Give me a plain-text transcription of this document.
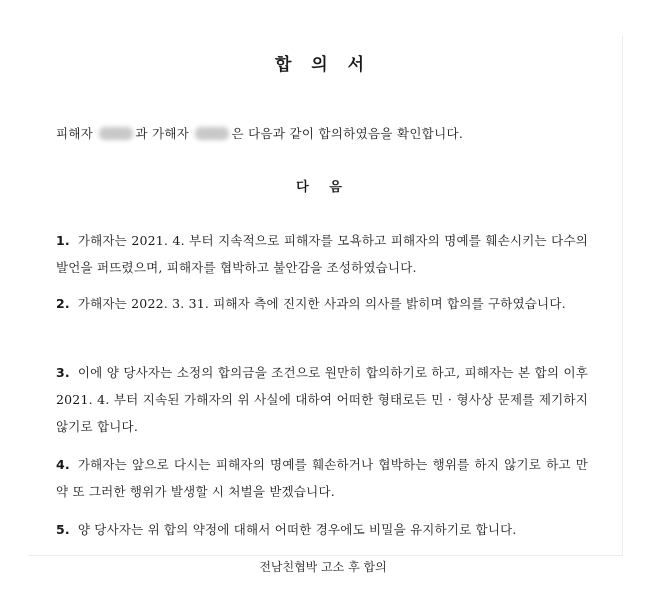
합 의 서
피해자	과 가해자	은 다음과 같이 합의하였음을 확인합니다.
다 음
1. 가해자는 2021. 4. 부터 지속적으로 피해자를 모욕하고 피해자의 명예를 훼손시키는 다수의 발언을 퍼뜨렸으며, 피해자를 협박하고 불안감을 조성하였습니다.
2. 가해자는 2022. 3. 31. 피해자 측에 진지한 사과의 의사를 밝히며 합의를 구하였습니다.
3. 이에 양 당사자는 소정의 합의금을 조건으로 원만히 합의하기로 하고, 피해자는 본 합의 이후 2021. 4. 부터 지속된 가해자의 위 사실에 대하여 어떠한 형태로든 민 · 형사상 문제를 제기하지 않기로 합니다.
4. 가해자는 앞으로 다시는 피해자의 명예를 훼손하거나 협박하는 행위를 하지 않기로 하고 만약 또 그러한 행위가 발생할 시 처벌을 받겠습니다.
5. 양 당사자는 위 합의 약정에 대해서 어떠한 경우에도 비밀을 유지하기로 합니다.
전남친협박 고소 후 합의
